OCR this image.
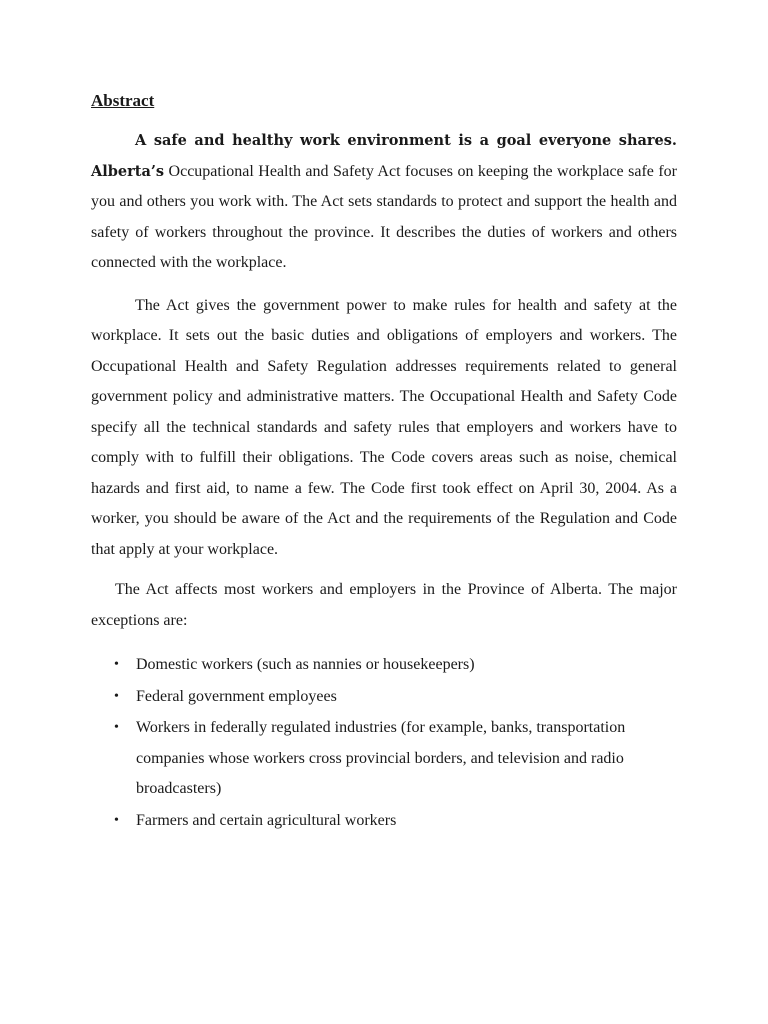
Abstract

A safe and healthy work environment is a goal everyone shares. Alberta’s Occupational Health and Safety Act focuses on keeping the workplace safe for you and others you work with. The Act sets standards to protect and support the health and safety of workers throughout the province. It describes the duties of workers and others connected with the workplace.

The Act gives the government power to make rules for health and safety at the workplace. It sets out the basic duties and obligations of employers and workers. The Occupational Health and Safety Regulation addresses requirements related to general government policy and administrative matters. The Occupational Health and Safety Code specify all the technical standards and safety rules that employers and workers have to comply with to fulfill their obligations. The Code covers areas such as noise, chemical hazards and first aid, to name a few. The Code first took effect on April 30, 2004. As a worker, you should be aware of the Act and the requirements of the Regulation and Code that apply at your workplace.

The Act affects most workers and employers in the Province of Alberta. The major exceptions are:

• Domestic workers (such as nannies or housekeepers)
• Federal government employees
• Workers in federally regulated industries (for example, banks, transportation companies whose workers cross provincial borders, and television and radio broadcasters)
• Farmers and certain agricultural workers
